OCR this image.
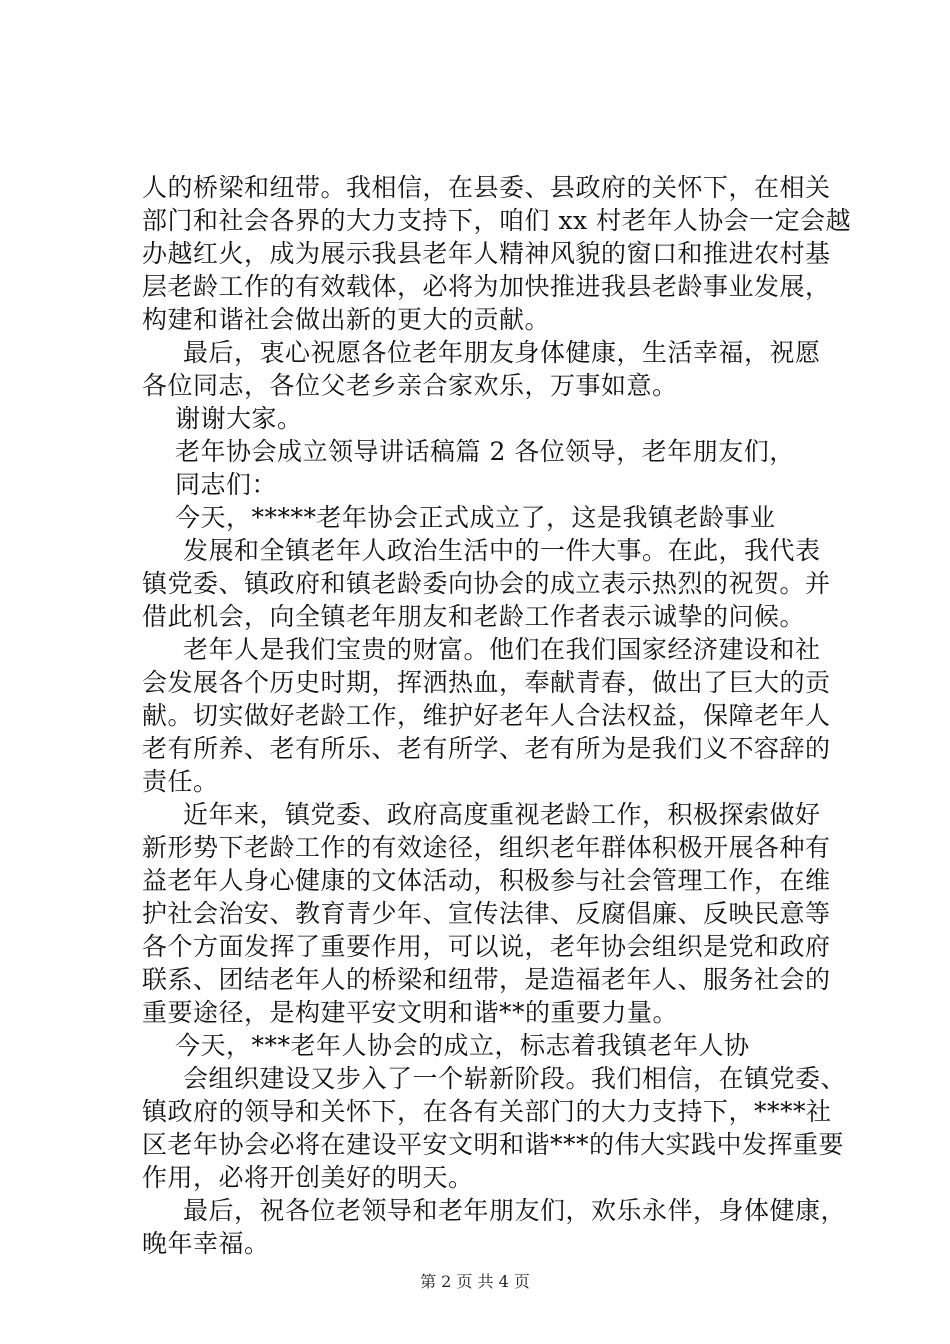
人的桥梁和纽带。我相信，在县委、县政府的关怀下，在相关
部门和社会各界的大力支持下，咱们 xx 村老年人协会一定会越
办越红火，成为展示我县老年人精神风貌的窗口和推进农村基
层老龄工作的有效载体，必将为加快推进我县老龄事业发展，
构建和谐社会做出新的更大的贡献。
最后，衷心祝愿各位老年朋友身体健康，生活幸福，祝愿
各位同志，各位父老乡亲合家欢乐，万事如意。
谢谢大家。
老年协会成立领导讲话稿篇 2 各位领导，老年朋友们，
同志们：
今天，*****老年协会正式成立了，这是我镇老龄事业
发展和全镇老年人政治生活中的一件大事。在此，我代表
镇党委、镇政府和镇老龄委向协会的成立表示热烈的祝贺。并
借此机会，向全镇老年朋友和老龄工作者表示诚挚的问候。
老年人是我们宝贵的财富。他们在我们国家经济建设和社
会发展各个历史时期，挥洒热血，奉献青春，做出了巨大的贡
献。切实做好老龄工作，维护好老年人合法权益，保障老年人
老有所养、老有所乐、老有所学、老有所为是我们义不容辞的
责任。
近年来，镇党委、政府高度重视老龄工作，积极探索做好
新形势下老龄工作的有效途径，组织老年群体积极开展各种有
益老年人身心健康的文体活动，积极参与社会管理工作，在维
护社会治安、教育青少年、宣传法律、反腐倡廉、反映民意等
各个方面发挥了重要作用，可以说，老年协会组织是党和政府
联系、团结老年人的桥梁和纽带，是造福老年人、服务社会的
重要途径，是构建平安文明和谐**的重要力量。
今天，***老年人协会的成立，标志着我镇老年人协
会组织建设又步入了一个崭新阶段。我们相信，在镇党委、
镇政府的领导和关怀下，在各有关部门的大力支持下，****社
区老年协会必将在建设平安文明和谐***的伟大实践中发挥重要
作用，必将开创美好的明天。
最后，祝各位老领导和老年朋友们，欢乐永伴，身体健康，
晚年幸福。
第 2 页 共 4 页
